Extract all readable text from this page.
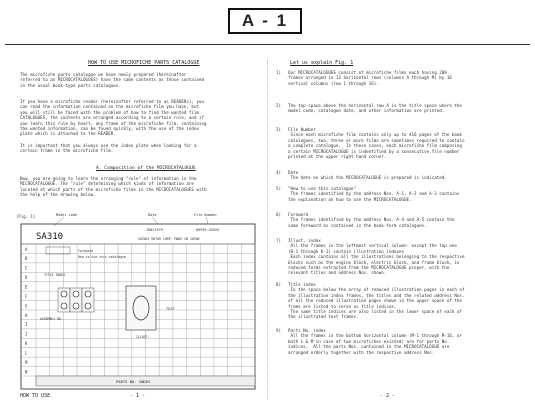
A - 1
HOW TO USE MICROFICHE PARTS CATALOGUE
The microfiche parts catalogue we have newly prepared (hereinafter
referred to as MICROCATALOGUES) have the same contents as those contained
in the usual book-type parts catalogues.
If you have a microfiche reader (hereinafter referred to as READERs), you
can read the information contained on the microfiche film you have, but
you will still be faced with the problem of how to find the wanted film
CATALOGUES, the contents are arranged according to a certain rule, and if
you learn this rule by heart, any frame of the microfiche film, containing
the wanted information, can be found quickly, with the use of the index
plate which is attached to the READER.
It is important that you always use the index plate when looking for a
certain frame in the microfiche film.
A. Composition of the MICROCATALOGUE
Now, you are going to learn the arranging "rule" of information in the
MICROCATALOGUE. The "rule" determining which kinds of information are
located at which parts of the microfiche films in the MICROCATALOGUES with
the help of the drawing below.
(Fig. 1)	Model code	Date	File Number
SA310
JUN/1979	#9999-XXXXX
SUZUKI MOTOR CORP. MADE IN JAPAN
A
B
C
D
E
F
G
H
I
J
K
L
M
N
Foreword
How to use this catalogue
TITLE INDEX
ASSEMBLY NO.
TEXT
ILLUST.
PARTS NO. INDEX
HOW TO USE	- 1 -
Let us explain Fig. 1
1) Our MICROCATALOGUES consist of microfiche films each having 208
frames arranged in 13 horizontal rows (columns A through M) by 16
vertical columns (row 1 through 16).
2) The top space above the horizontal row A is the title space where the
model code, catalogue date, and other information are printed.
3) File Number
Since each microfiche film contains only up to 416 pages of the book
catalogues, two, three or more films are sometimes required to contain
a complete catalogue.  In these cases, each microfiche film composing
a certain MICROCATALOGUE is indentified by a consecutive file number
printed at the upper right hand corner.
4) Date
The date on which the MICROCATALOGUE is prepared is indicated.
5) "How to use this catalogue"
The frames identified by the address Nos. A-1, A-2 and A-3 contains
the explanation on how to use the MICROCATALOGUE.
6) Foreword
The frames identified by the address Nos. A-4 and A-5 contain the
same foreword as contained in the book-form catalogues.
7) Illust. index
All the frames in the leftmost vertical column- except the top one
(B-1 through K-1) contain illustration indexes
Each index contains all the illustrations belonging to the respective
blocks such as the engine block, electric block, and frame block, in
reduced forms extracted from the MICROCATALOGUE proper, with the
relevant titles and address Nos. shown.
8) Title index
In the space below the array of reduced illustration pages in each of
the illustration index frames, the titles and the related address Nos.
of all the reduced illustration pages shown in the upper space of the
frame are listed to serve as title indices.
The same title indices are also listed in the lower space of each of
the illustrated text frames.
9) Parts No. index
All the frames in the bottom horizontal column (M-1 through M-16, or
both L & M in case of two microfiches existed) are for parts No.
indices.  All the parts Nos. contained in the MICROCATALOGUE are
arranged orderly together with the respective address Nos.
- 2 -
